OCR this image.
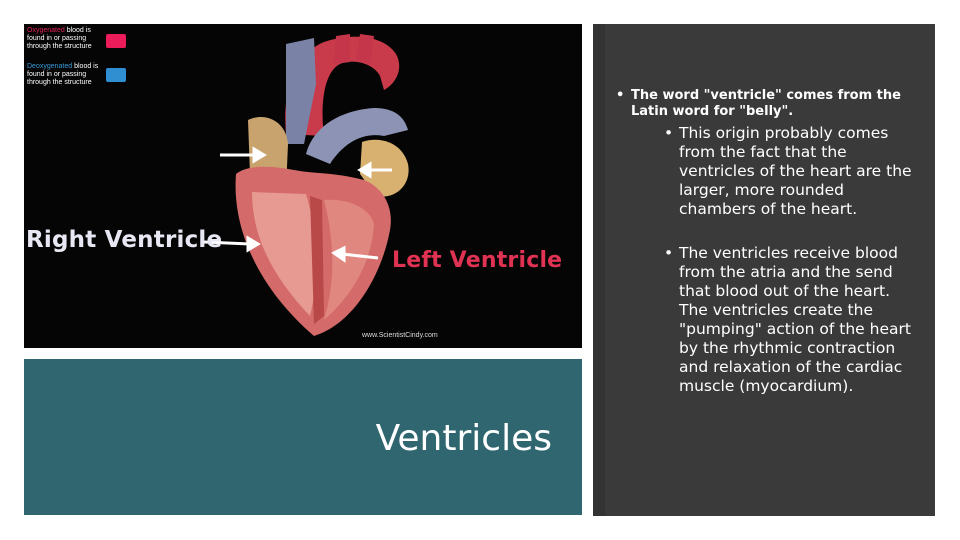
Oxygenated blood is found in or passing through the structure
Deoxygenated blood is found in or passing through the structure
Right Ventricle
Left Ventricle
www.ScientistCindy.com
Ventricles
• The word "ventricle" comes from the Latin word for "belly".
• This origin probably comes from the fact that the ventricles of the heart are the larger, more rounded chambers of the heart.
• The ventricles receive blood from the atria and the send that blood out of the heart. The ventricles create the "pumping" action of the heart by the rhythmic contraction and relaxation of the cardiac muscle (myocardium).
